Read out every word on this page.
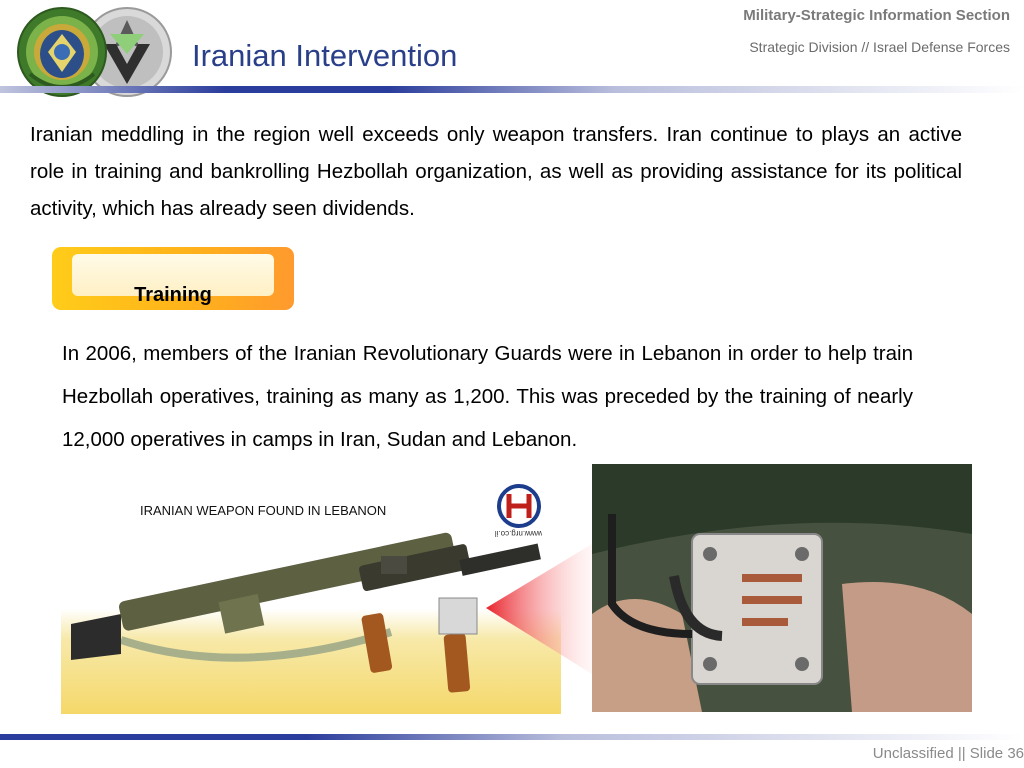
Iranian Intervention
Military-Strategic Information Section
Strategic Division // Israel Defense Forces
Iranian meddling in the region well exceeds only weapon transfers. Iran continue to plays an active role in training and bankrolling Hezbollah organization, as well as providing assistance for its political activity, which has already seen dividends.
Training
In 2006, members of the Iranian Revolutionary Guards were in Lebanon in order to help train Hezbollah operatives, training as many as 1,200. This was preceded by the training of nearly 12,000 operatives in camps in Iran, Sudan and Lebanon.
IRANIAN WEAPON FOUND IN LEBANON
www.nrg.co.il
Unclassified || Slide 36
